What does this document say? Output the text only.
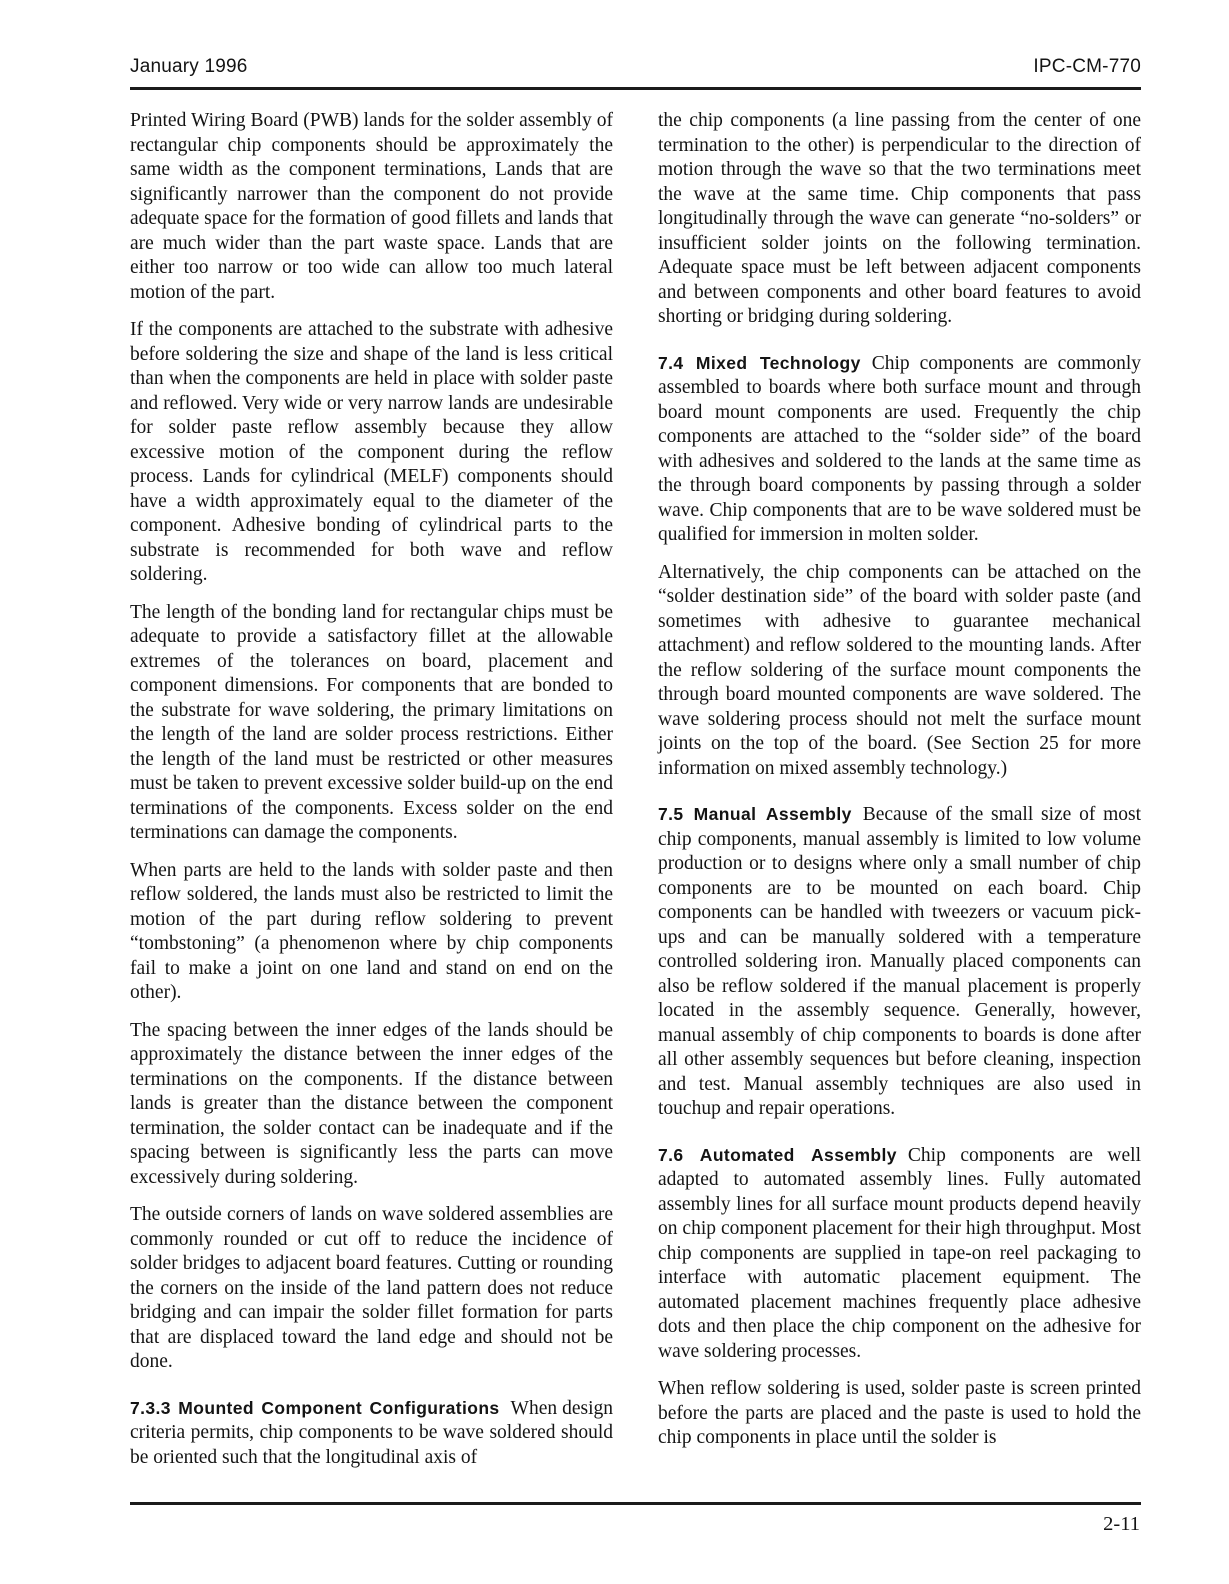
January 1996	IPC-CM-770

Printed Wiring Board (PWB) lands for the solder assembly of rectangular chip components should be approximately the same width as the component terminations, Lands that are significantly narrower than the component do not provide adequate space for the formation of good fillets and lands that are much wider than the part waste space. Lands that are either too narrow or too wide can allow too much lateral motion of the part.

If the components are attached to the substrate with adhesive before soldering the size and shape of the land is less critical than when the components are held in place with solder paste and reflowed. Very wide or very narrow lands are undesirable for solder paste reflow assembly because they allow excessive motion of the component during the reflow process. Lands for cylindrical (MELF) components should have a width approximately equal to the diameter of the component. Adhesive bonding of cylindrical parts to the substrate is recommended for both wave and reflow soldering.

The length of the bonding land for rectangular chips must be adequate to provide a satisfactory fillet at the allowable extremes of the tolerances on board, placement and component dimensions. For components that are bonded to the substrate for wave soldering, the primary limitations on the length of the land are solder process restrictions. Either the length of the land must be restricted or other measures must be taken to prevent excessive solder build-up on the end terminations of the components. Excess solder on the end terminations can damage the components.

When parts are held to the lands with solder paste and then reflow soldered, the lands must also be restricted to limit the motion of the part during reflow soldering to prevent “tombstoning” (a phenomenon where by chip components fail to make a joint on one land and stand on end on the other).

The spacing between the inner edges of the lands should be approximately the distance between the inner edges of the terminations on the components. If the distance between lands is greater than the distance between the component termination, the solder contact can be inadequate and if the spacing between is significantly less the parts can move excessively during soldering.

The outside corners of lands on wave soldered assemblies are commonly rounded or cut off to reduce the incidence of solder bridges to adjacent board features. Cutting or rounding the corners on the inside of the land pattern does not reduce bridging and can impair the solder fillet formation for parts that are displaced toward the land edge and should not be done.

7.3.3 Mounted Component Configurations When design criteria permits, chip components to be wave soldered should be oriented such that the longitudinal axis of

the chip components (a line passing from the center of one termination to the other) is perpendicular to the direction of motion through the wave so that the two terminations meet the wave at the same time. Chip components that pass longitudinally through the wave can generate “no-solders” or insufficient solder joints on the following termination. Adequate space must be left between adjacent components and between components and other board features to avoid shorting or bridging during soldering.

7.4 Mixed Technology Chip components are commonly assembled to boards where both surface mount and through board mount components are used. Frequently the chip components are attached to the “solder side” of the board with adhesives and soldered to the lands at the same time as the through board components by passing through a solder wave. Chip components that are to be wave soldered must be qualified for immersion in molten solder.

Alternatively, the chip components can be attached on the “solder destination side” of the board with solder paste (and sometimes with adhesive to guarantee mechanical attachment) and reflow soldered to the mounting lands. After the reflow soldering of the surface mount components the through board mounted components are wave soldered. The wave soldering process should not melt the surface mount joints on the top of the board. (See Section 25 for more information on mixed assembly technology.)

7.5 Manual Assembly Because of the small size of most chip components, manual assembly is limited to low volume production or to designs where only a small number of chip components are to be mounted on each board. Chip components can be handled with tweezers or vacuum pick-ups and can be manually soldered with a temperature controlled soldering iron. Manually placed components can also be reflow soldered if the manual placement is properly located in the assembly sequence. Generally, however, manual assembly of chip components to boards is done after all other assembly sequences but before cleaning, inspection and test. Manual assembly techniques are also used in touchup and repair operations.

7.6 Automated Assembly Chip components are well adapted to automated assembly lines. Fully automated assembly lines for all surface mount products depend heavily on chip component placement for their high throughput. Most chip components are supplied in tape-on reel packaging to interface with automatic placement equipment. The automated placement machines frequently place adhesive dots and then place the chip component on the adhesive for wave soldering processes.

When reflow soldering is used, solder paste is screen printed before the parts are placed and the paste is used to hold the chip components in place until the solder is

2-11
